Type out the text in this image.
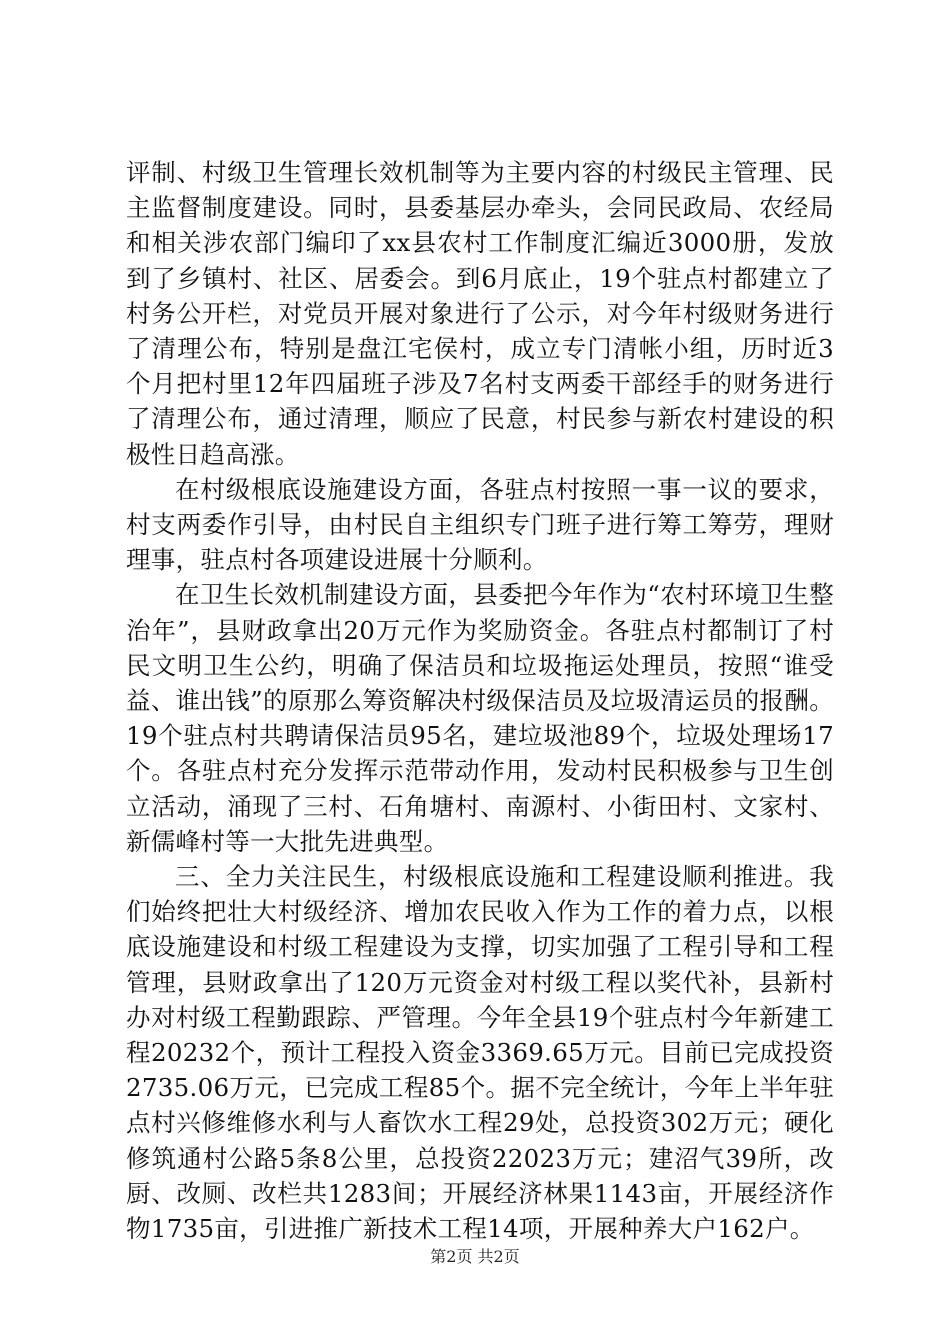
评制、村级卫生管理长效机制等为主要内容的村级民主管理、民主监督制度建设。同时，县委基层办牵头，会同民政局、农经局和相关涉农部门编印了xx县农村工作制度汇编近3000册，发放到了乡镇村、社区、居委会。到6月底止，19个驻点村都建立了村务公开栏，对党员开展对象进行了公示，对今年村级财务进行了清理公布，特别是盘江宅侯村，成立专门清帐小组，历时近3个月把村里12年四届班子涉及7名村支两委干部经手的财务进行了清理公布，通过清理，顺应了民意，村民参与新农村建设的积极性日趋高涨。

在村级根底设施建设方面，各驻点村按照一事一议的要求，村支两委作引导，由村民自主组织专门班子进行筹工筹劳，理财理事，驻点村各项建设进展十分顺利。

在卫生长效机制建设方面，县委把今年作为“农村环境卫生整治年”，县财政拿出20万元作为奖励资金。各驻点村都制订了村民文明卫生公约，明确了保洁员和垃圾拖运处理员，按照“谁受益、谁出钱”的原那么筹资解决村级保洁员及垃圾清运员的报酬。19个驻点村共聘请保洁员95名，建垃圾池89个，垃圾处理场17个。各驻点村充分发挥示范带动作用，发动村民积极参与卫生创立活动，涌现了三村、石角塘村、南源村、小街田村、文家村、新儒峰村等一大批先进典型。

三、全力关注民生，村级根底设施和工程建设顺利推进。我们始终把壮大村级经济、增加农民收入作为工作的着力点，以根底设施建设和村级工程建设为支撑，切实加强了工程引导和工程管理，县财政拿出了120万元资金对村级工程以奖代补，县新村办对村级工程勤跟踪、严管理。今年全县19个驻点村今年新建工程20232个，预计工程投入资金3369.65万元。目前已完成投资2735.06万元，已完成工程85个。据不完全统计，今年上半年驻点村兴修维修水利与人畜饮水工程29处，总投资302万元；硬化修筑通村公路5条8公里，总投资22023万元；建沼气39所，改厨、改厕、改栏共1283间；开展经济林果1143亩，开展经济作物1735亩，引进推广新技术工程14项，开展种养大户162户。

第2页 共2页
